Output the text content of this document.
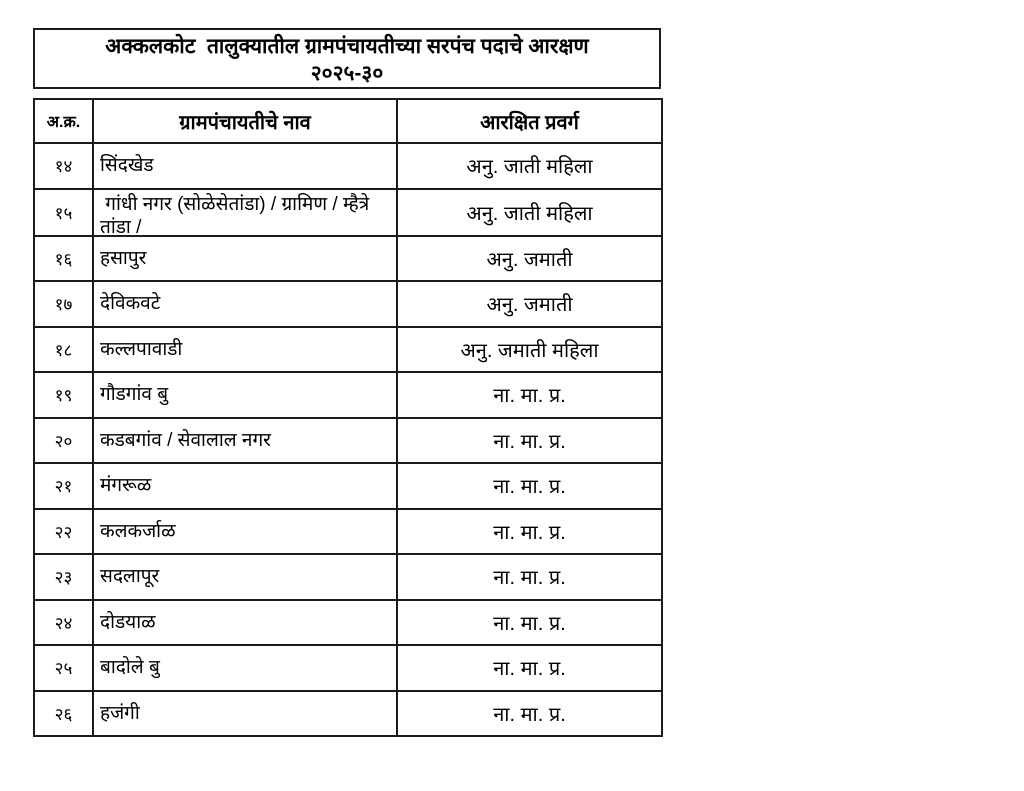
अक्कलकोट  तालुक्यातील ग्रामपंचायतीच्या सरपंच पदाचे आरक्षण
२०२५-३०
अ.क्र.	ग्रामपंचायतीचे नाव	आरक्षित प्रवर्ग
१४	सिंदखेड	अनु. जाती महिला
१५	गांधी नगर (सोळेसेतांडा) / ग्रामिण / म्हैत्रे तांडा /	अनु. जाती महिला
१६	हसापुर	अनु. जमाती
१७	देविकवटे	अनु. जमाती
१८	कल्लपावाडी	अनु. जमाती महिला
१९	गौडगांव बु	ना. मा. प्र.
२०	कडबगांव / सेवालाल नगर	ना. मा. प्र.
२१	मंगरूळ	ना. मा. प्र.
२२	कलकर्जाळ	ना. मा. प्र.
२३	सदलापूर	ना. मा. प्र.
२४	दोडयाळ	ना. मा. प्र.
२५	बादोले बु	ना. मा. प्र.
२६	हजंगी	ना. मा. प्र.
